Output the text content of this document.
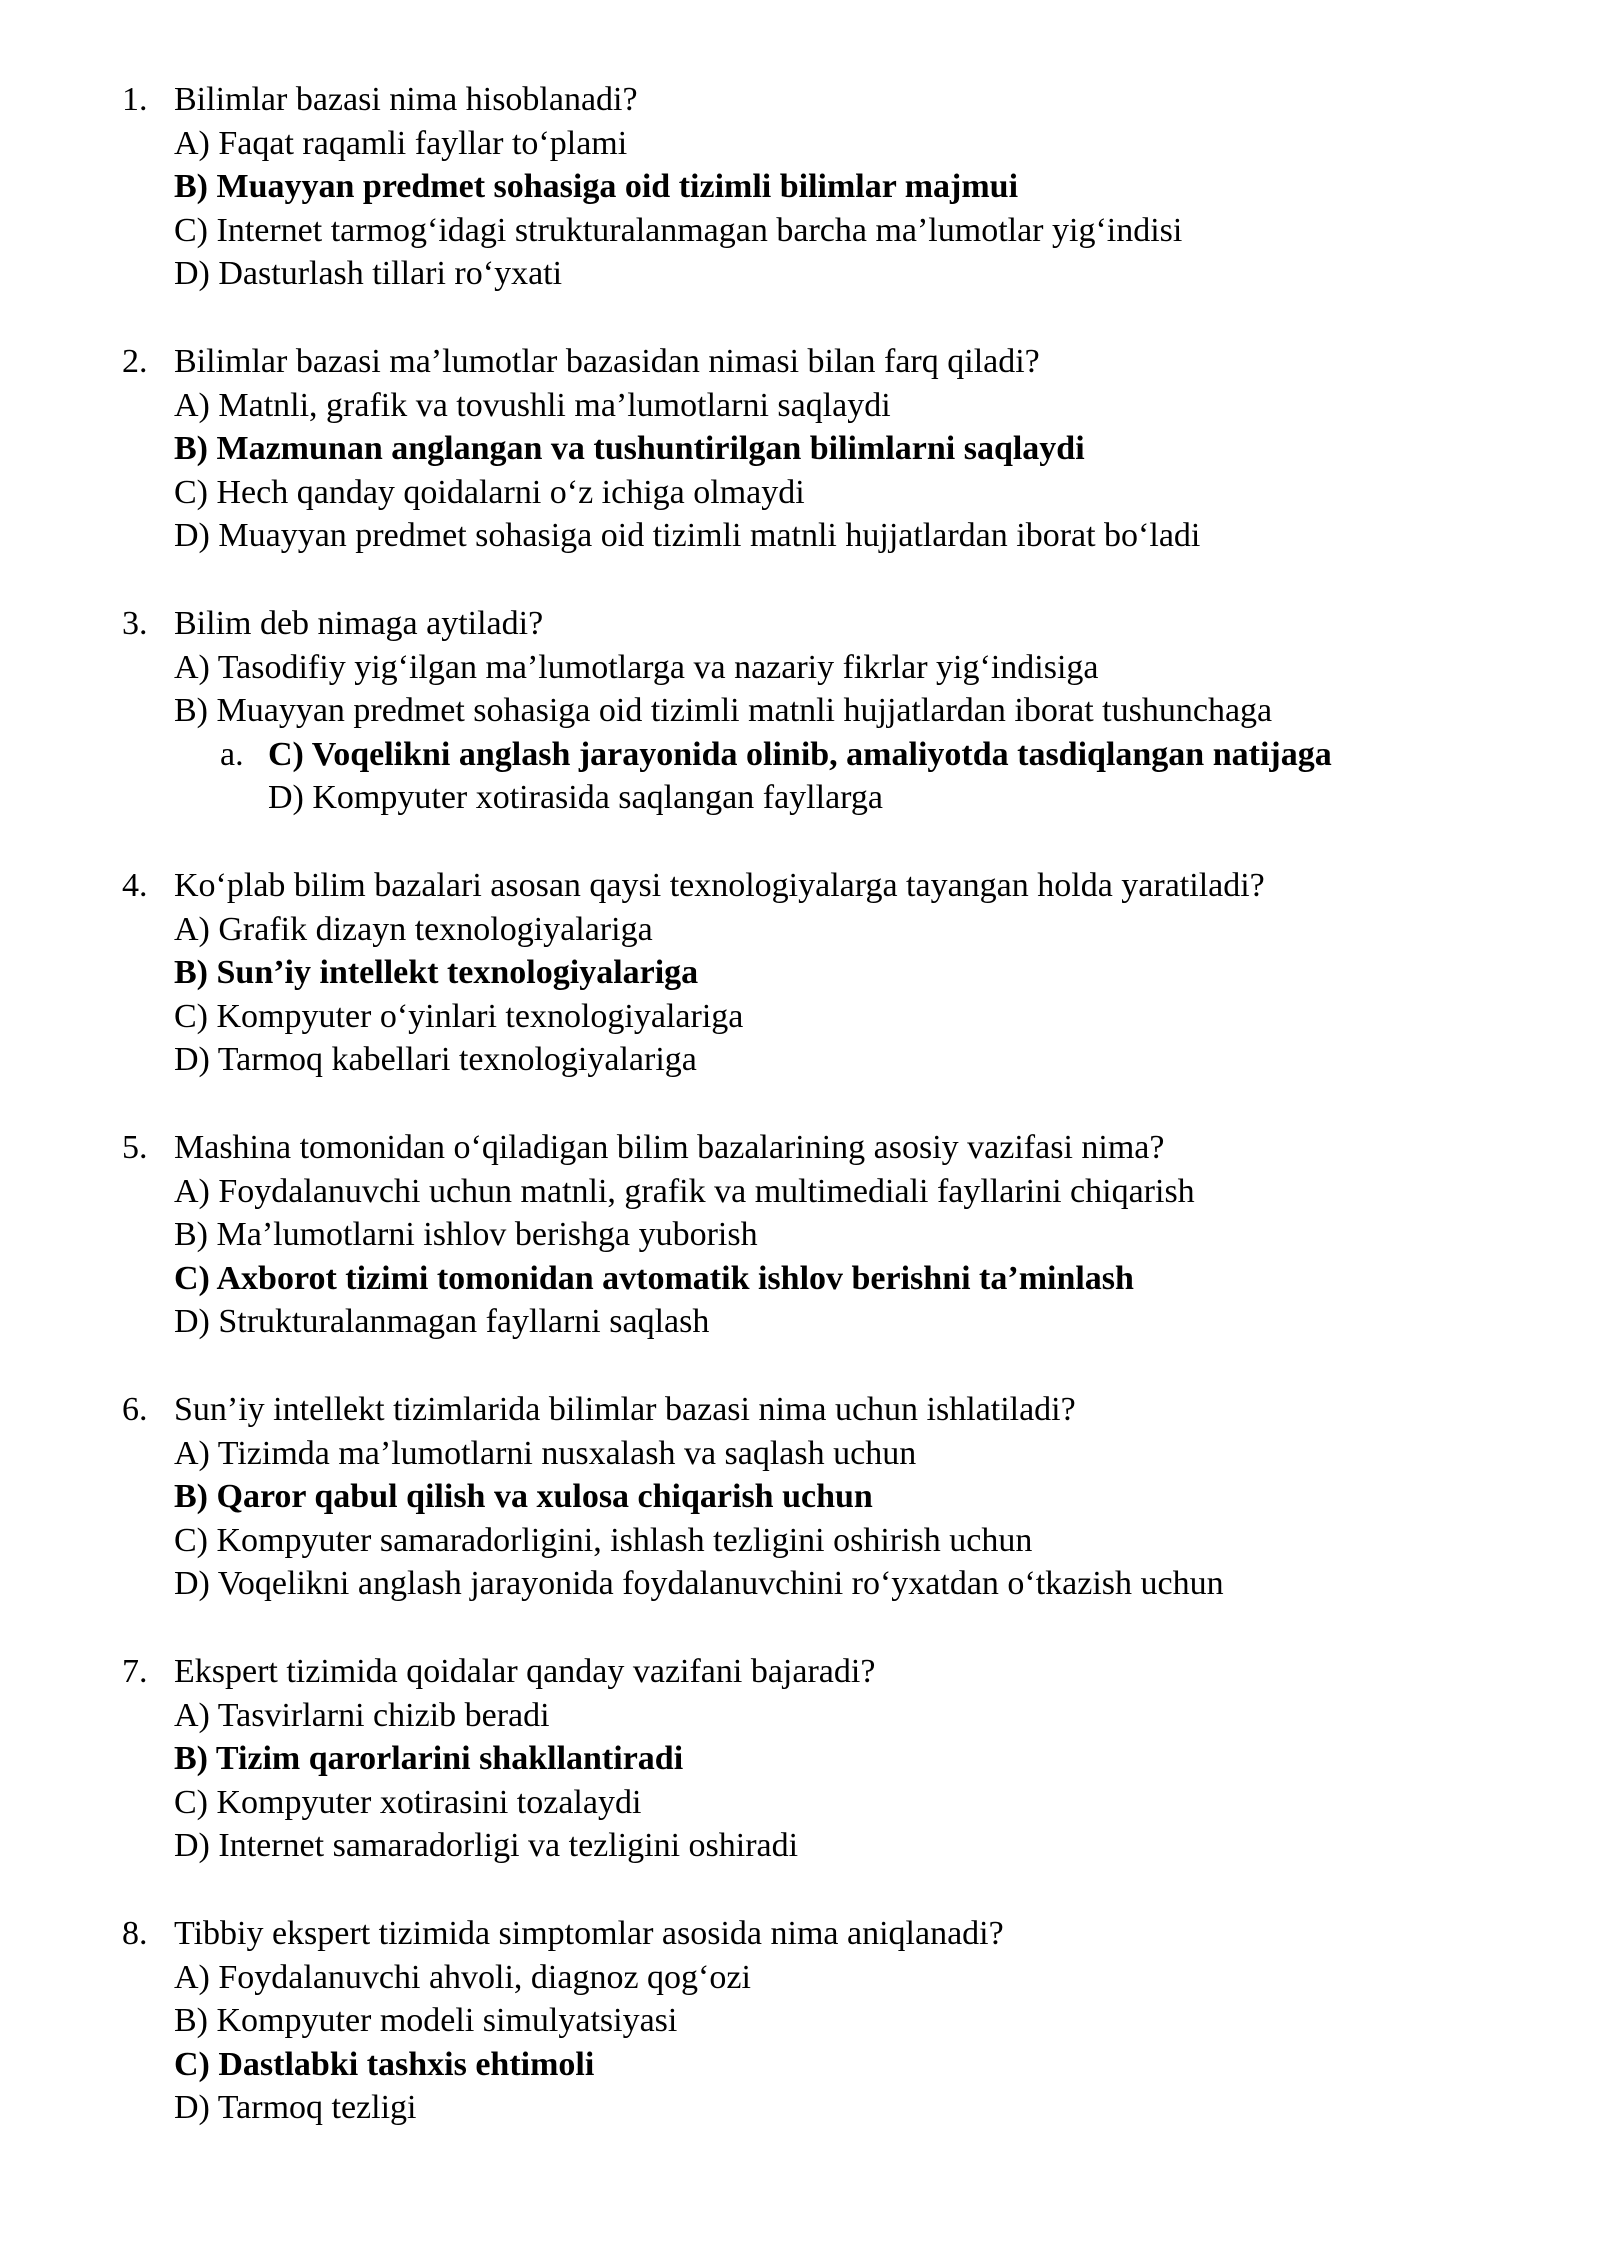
1. Bilimlar bazasi nima hisoblanadi?
A) Faqat raqamli fayllar to‘plami
B) Muayyan predmet sohasiga oid tizimli bilimlar majmui
C) Internet tarmog‘idagi strukturalanmagan barcha ma’lumotlar yig‘indisi
D) Dasturlash tillari ro‘yxati
2. Bilimlar bazasi ma’lumotlar bazasidan nimasi bilan farq qiladi?
A) Matnli, grafik va tovushli ma’lumotlarni saqlaydi
B) Mazmunan anglangan va tushuntirilgan bilimlarni saqlaydi
C) Hech qanday qoidalarni o‘z ichiga olmaydi
D) Muayyan predmet sohasiga oid tizimli matnli hujjatlardan iborat bo‘ladi
3. Bilim deb nimaga aytiladi?
A) Tasodifiy yig‘ilgan ma’lumotlarga va nazariy fikrlar yig‘indisiga
B) Muayyan predmet sohasiga oid tizimli matnli hujjatlardan iborat tushunchaga
a. C) Voqelikni anglash jarayonida olinib, amaliyotda tasdiqlangan natijaga
D) Kompyuter xotirasida saqlangan fayllarga
4. Ko‘plab bilim bazalari asosan qaysi texnologiyalarga tayangan holda yaratiladi?
A) Grafik dizayn texnologiyalariga
B) Sun’iy intellekt texnologiyalariga
C) Kompyuter o‘yinlari texnologiyalariga
D) Tarmoq kabellari texnologiyalariga
5. Mashina tomonidan o‘qiladigan bilim bazalarining asosiy vazifasi nima?
A) Foydalanuvchi uchun matnli, grafik va multimediali fayllarini chiqarish
B) Ma’lumotlarni ishlov berishga yuborish
C) Axborot tizimi tomonidan avtomatik ishlov berishni ta’minlash
D) Strukturalanmagan fayllarni saqlash
6. Sun’iy intellekt tizimlarida bilimlar bazasi nima uchun ishlatiladi?
A) Tizimda ma’lumotlarni nusxalash va saqlash uchun
B) Qaror qabul qilish va xulosa chiqarish uchun
C) Kompyuter samaradorligini, ishlash tezligini oshirish uchun
D) Voqelikni anglash jarayonida foydalanuvchini ro‘yxatdan o‘tkazish uchun
7. Ekspert tizimida qoidalar qanday vazifani bajaradi?
A) Tasvirlarni chizib beradi
B) Tizim qarorlarini shakllantiradi
C) Kompyuter xotirasini tozalaydi
D) Internet samaradorligi va tezligini oshiradi
8. Tibbiy ekspert tizimida simptomlar asosida nima aniqlanadi?
A) Foydalanuvchi ahvoli, diagnoz qog‘ozi
B) Kompyuter modeli simulyatsiyasi
C) Dastlabki tashxis ehtimoli
D) Tarmoq tezligi
